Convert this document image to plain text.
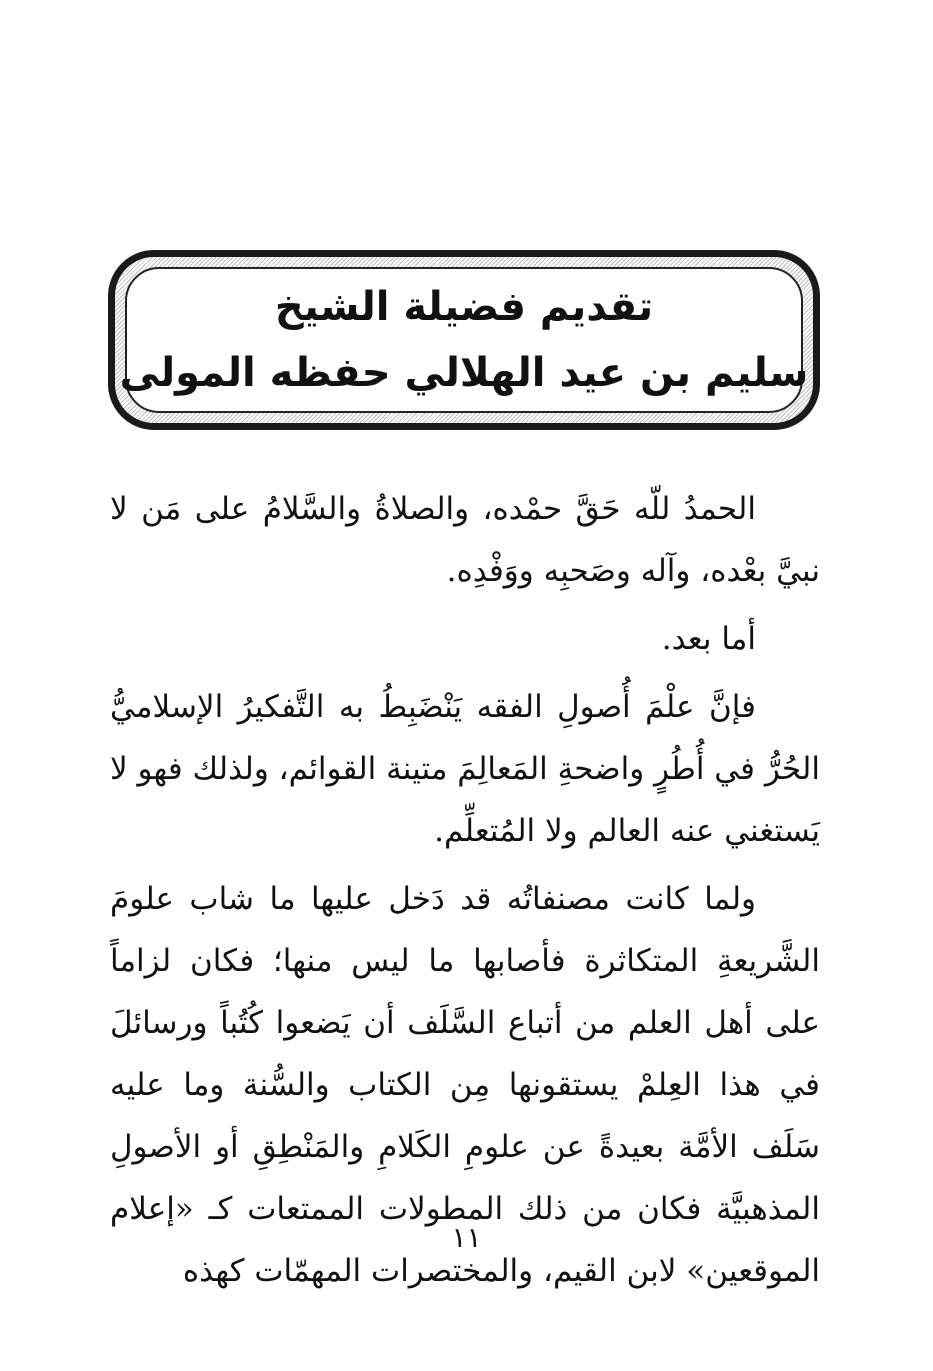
تقديم فضيلة الشيخ
سليم بن عيد الهلالي حفظه المولى

الحمدُ للّه حَقَّ حمْده، والصلاةُ والسَّلامُ على مَن لا نبيَّ بعْده، وآله وصَحبِه ووَفْدِه.

أما بعد.

فإنَّ علْمَ أُصولِ الفقه يَنْضَبِطُ به التَّفكيرُ الإسلاميُّ الحُرُّ في أُطُرٍ واضحةِ المَعالِمَ متينة القوائم، ولذلك فهو لا يَستغني عنه العالم ولا المُتعلِّم.

ولما كانت مصنفاتُه قد دَخل عليها ما شاب علومَ الشَّريعةِ المتكاثرة فأصابها ما ليس منها؛ فكان لزاماً على أهل العلم من أتباع السَّلَف أن يَضعوا كُتُباً ورسائلَ في هذا العِلمْ يستقونها مِن الكتاب والسُّنة وما عليه سَلَف الأمَّة بعيدةً عن علومِ الكَلامِ والمَنْطِقِ أو الأصولِ المذهبيَّة فكان من ذلك المطولات الممتعات كـ «إعلام الموقعين» لابن القيم، والمختصرات المهمّات كهذه

١١
